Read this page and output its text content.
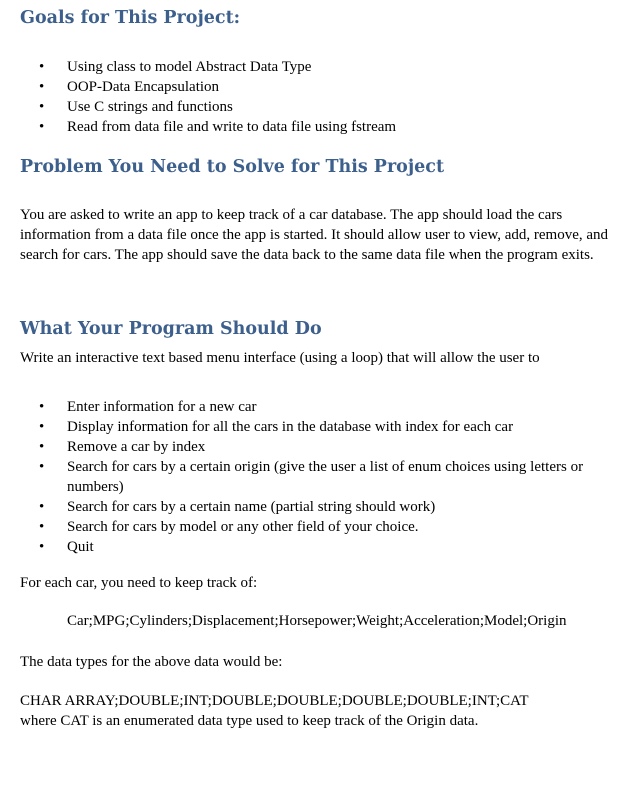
Goals for This Project:
• Using class to model Abstract Data Type
• OOP-Data Encapsulation
• Use C strings and functions
• Read from data file and write to data file using fstream
Problem You Need to Solve for This Project

You are asked to write an app to keep track of a car database. The app should load the cars information from a data file once the app is started. It should allow user to view, add, remove, and search for cars. The app should save the data back to the same data file when the program exits.

What Your Program Should Do

Write an interactive text based menu interface (using a loop) that will allow the user to

• Enter information for a new car
• Display information for all the cars in the database with index for each car
• Remove a car by index
• Search for cars by a certain origin (give the user a list of enum choices using letters or numbers)
• Search for cars by a certain name (partial string should work)
• Search for cars by model or any other field of your choice.
• Quit

For each car, you need to keep track of:

Car;MPG;Cylinders;Displacement;Horsepower;Weight;Acceleration;Model;Origin

The data types for the above data would be:

CHAR ARRAY;DOUBLE;INT;DOUBLE;DOUBLE;DOUBLE;DOUBLE;INT;CAT

where CAT is an enumerated data type used to keep track of the Origin data.
